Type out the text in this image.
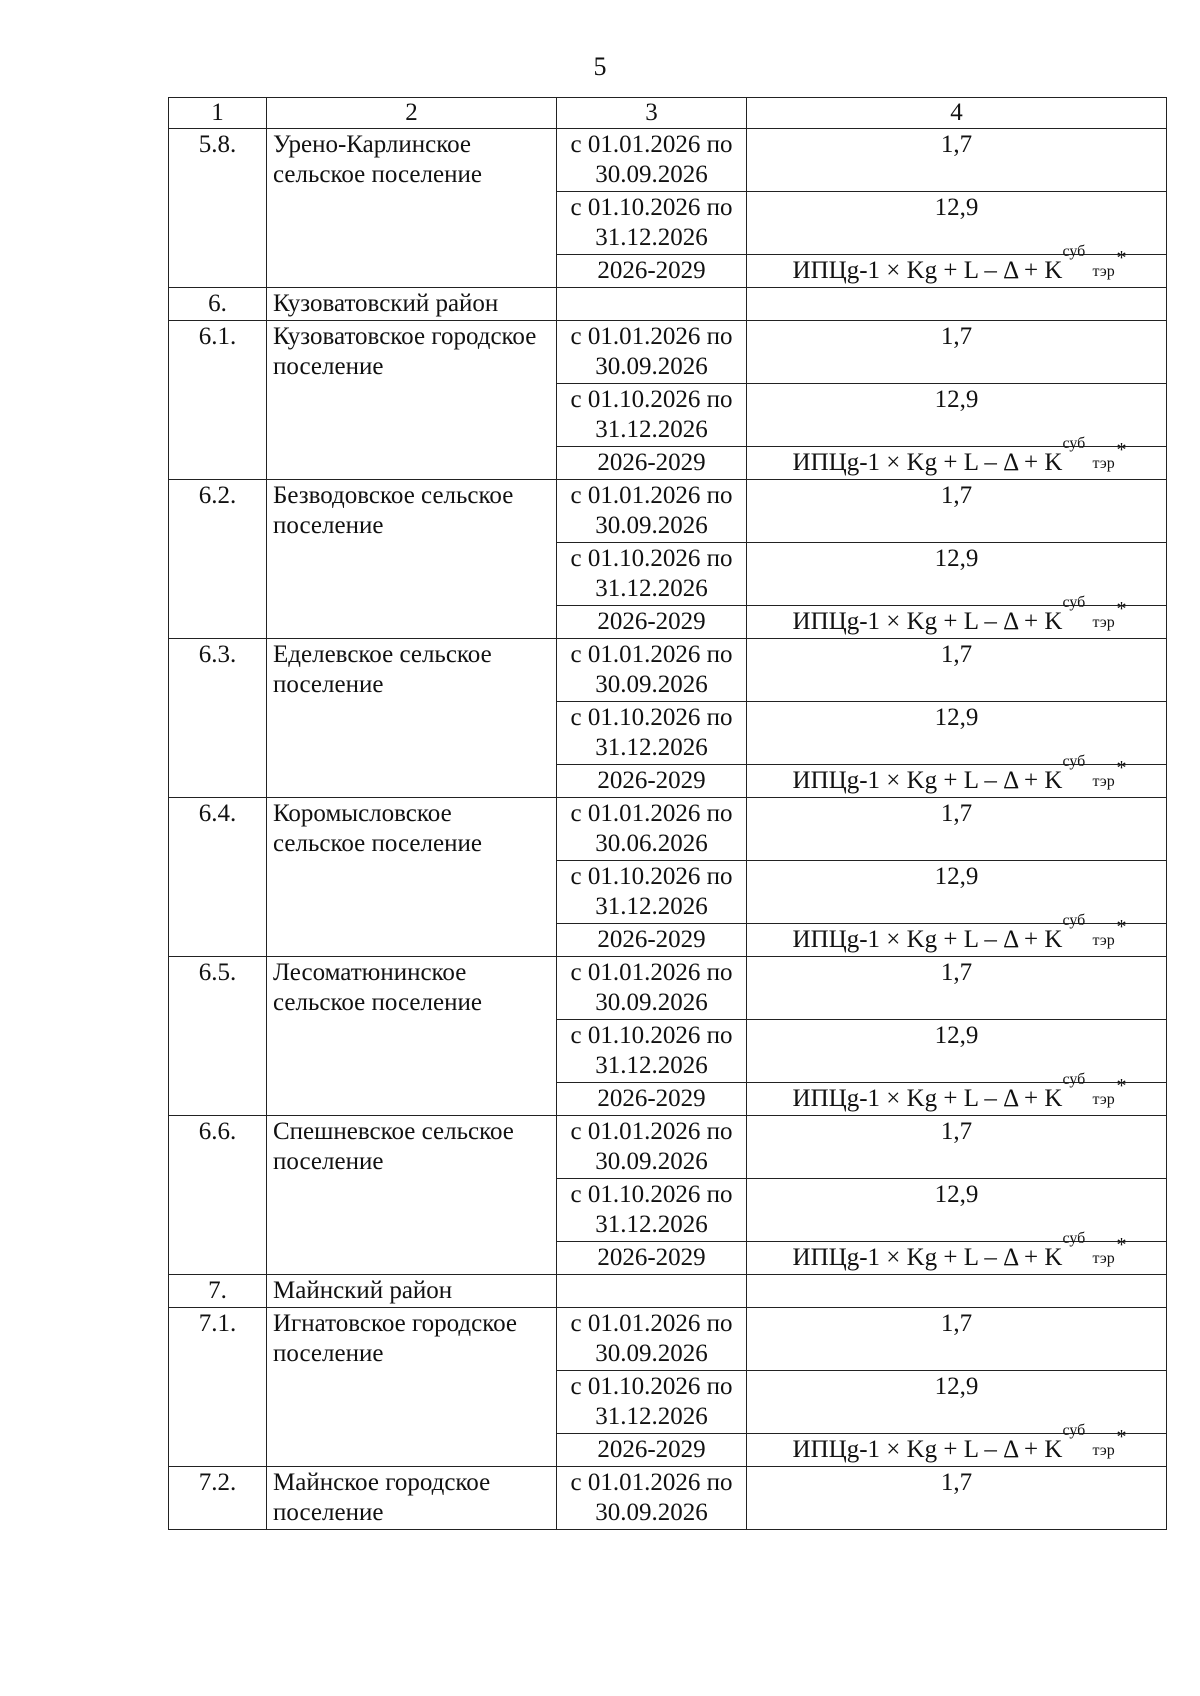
5
1	2	3	4
5.8.	Урено-Карлинское сельское поселение	с 01.01.2026 по 30.09.2026	1,7
		с 01.10.2026 по 31.12.2026	12,9
		2026-2029	ИПЦg-1 × Kg + L – Δ + K
суб
тэр
*

6.	Кузоватовский район		
6.1.	Кузоватовское городское поселение	с 01.01.2026 по 30.09.2026	1,7
		с 01.10.2026 по 31.12.2026	12,9
		2026-2029	ИПЦg-1 × Kg + L – Δ + K
суб
тэр
*

6.2.	Безводовское сельское поселение	с 01.01.2026 по 30.09.2026	1,7
		с 01.10.2026 по 31.12.2026	12,9
		2026-2029	ИПЦg-1 × Kg + L – Δ + K
суб
тэр
*

6.3.	Еделевское сельское поселение	с 01.01.2026 по 30.09.2026	1,7
		с 01.10.2026 по 31.12.2026	12,9
		2026-2029	ИПЦg-1 × Kg + L – Δ + K
суб
тэр
*

6.4.	Коромысловское сельское поселение	с 01.01.2026 по 30.06.2026	1,7
		с 01.10.2026 по 31.12.2026	12,9
		2026-2029	ИПЦg-1 × Kg + L – Δ + K
суб
тэр
*

6.5.	Лесоматюнинское сельское поселение	с 01.01.2026 по 30.09.2026	1,7
		с 01.10.2026 по 31.12.2026	12,9
		2026-2029	ИПЦg-1 × Kg + L – Δ + K
суб
тэр
*

6.6.	Спешневское сельское поселение	с 01.01.2026 по 30.09.2026	1,7
		с 01.10.2026 по 31.12.2026	12,9
		2026-2029	ИПЦg-1 × Kg + L – Δ + K
суб
тэр
*

7.	Майнский район		
7.1.	Игнатовское городское поселение	с 01.01.2026 по 30.09.2026	1,7
		с 01.10.2026 по 31.12.2026	12,9
		2026-2029	ИПЦg-1 × Kg + L – Δ + K
суб
тэр
*

7.2.	Майнское городское поселение	с 01.01.2026 по 30.09.2026	1,7
